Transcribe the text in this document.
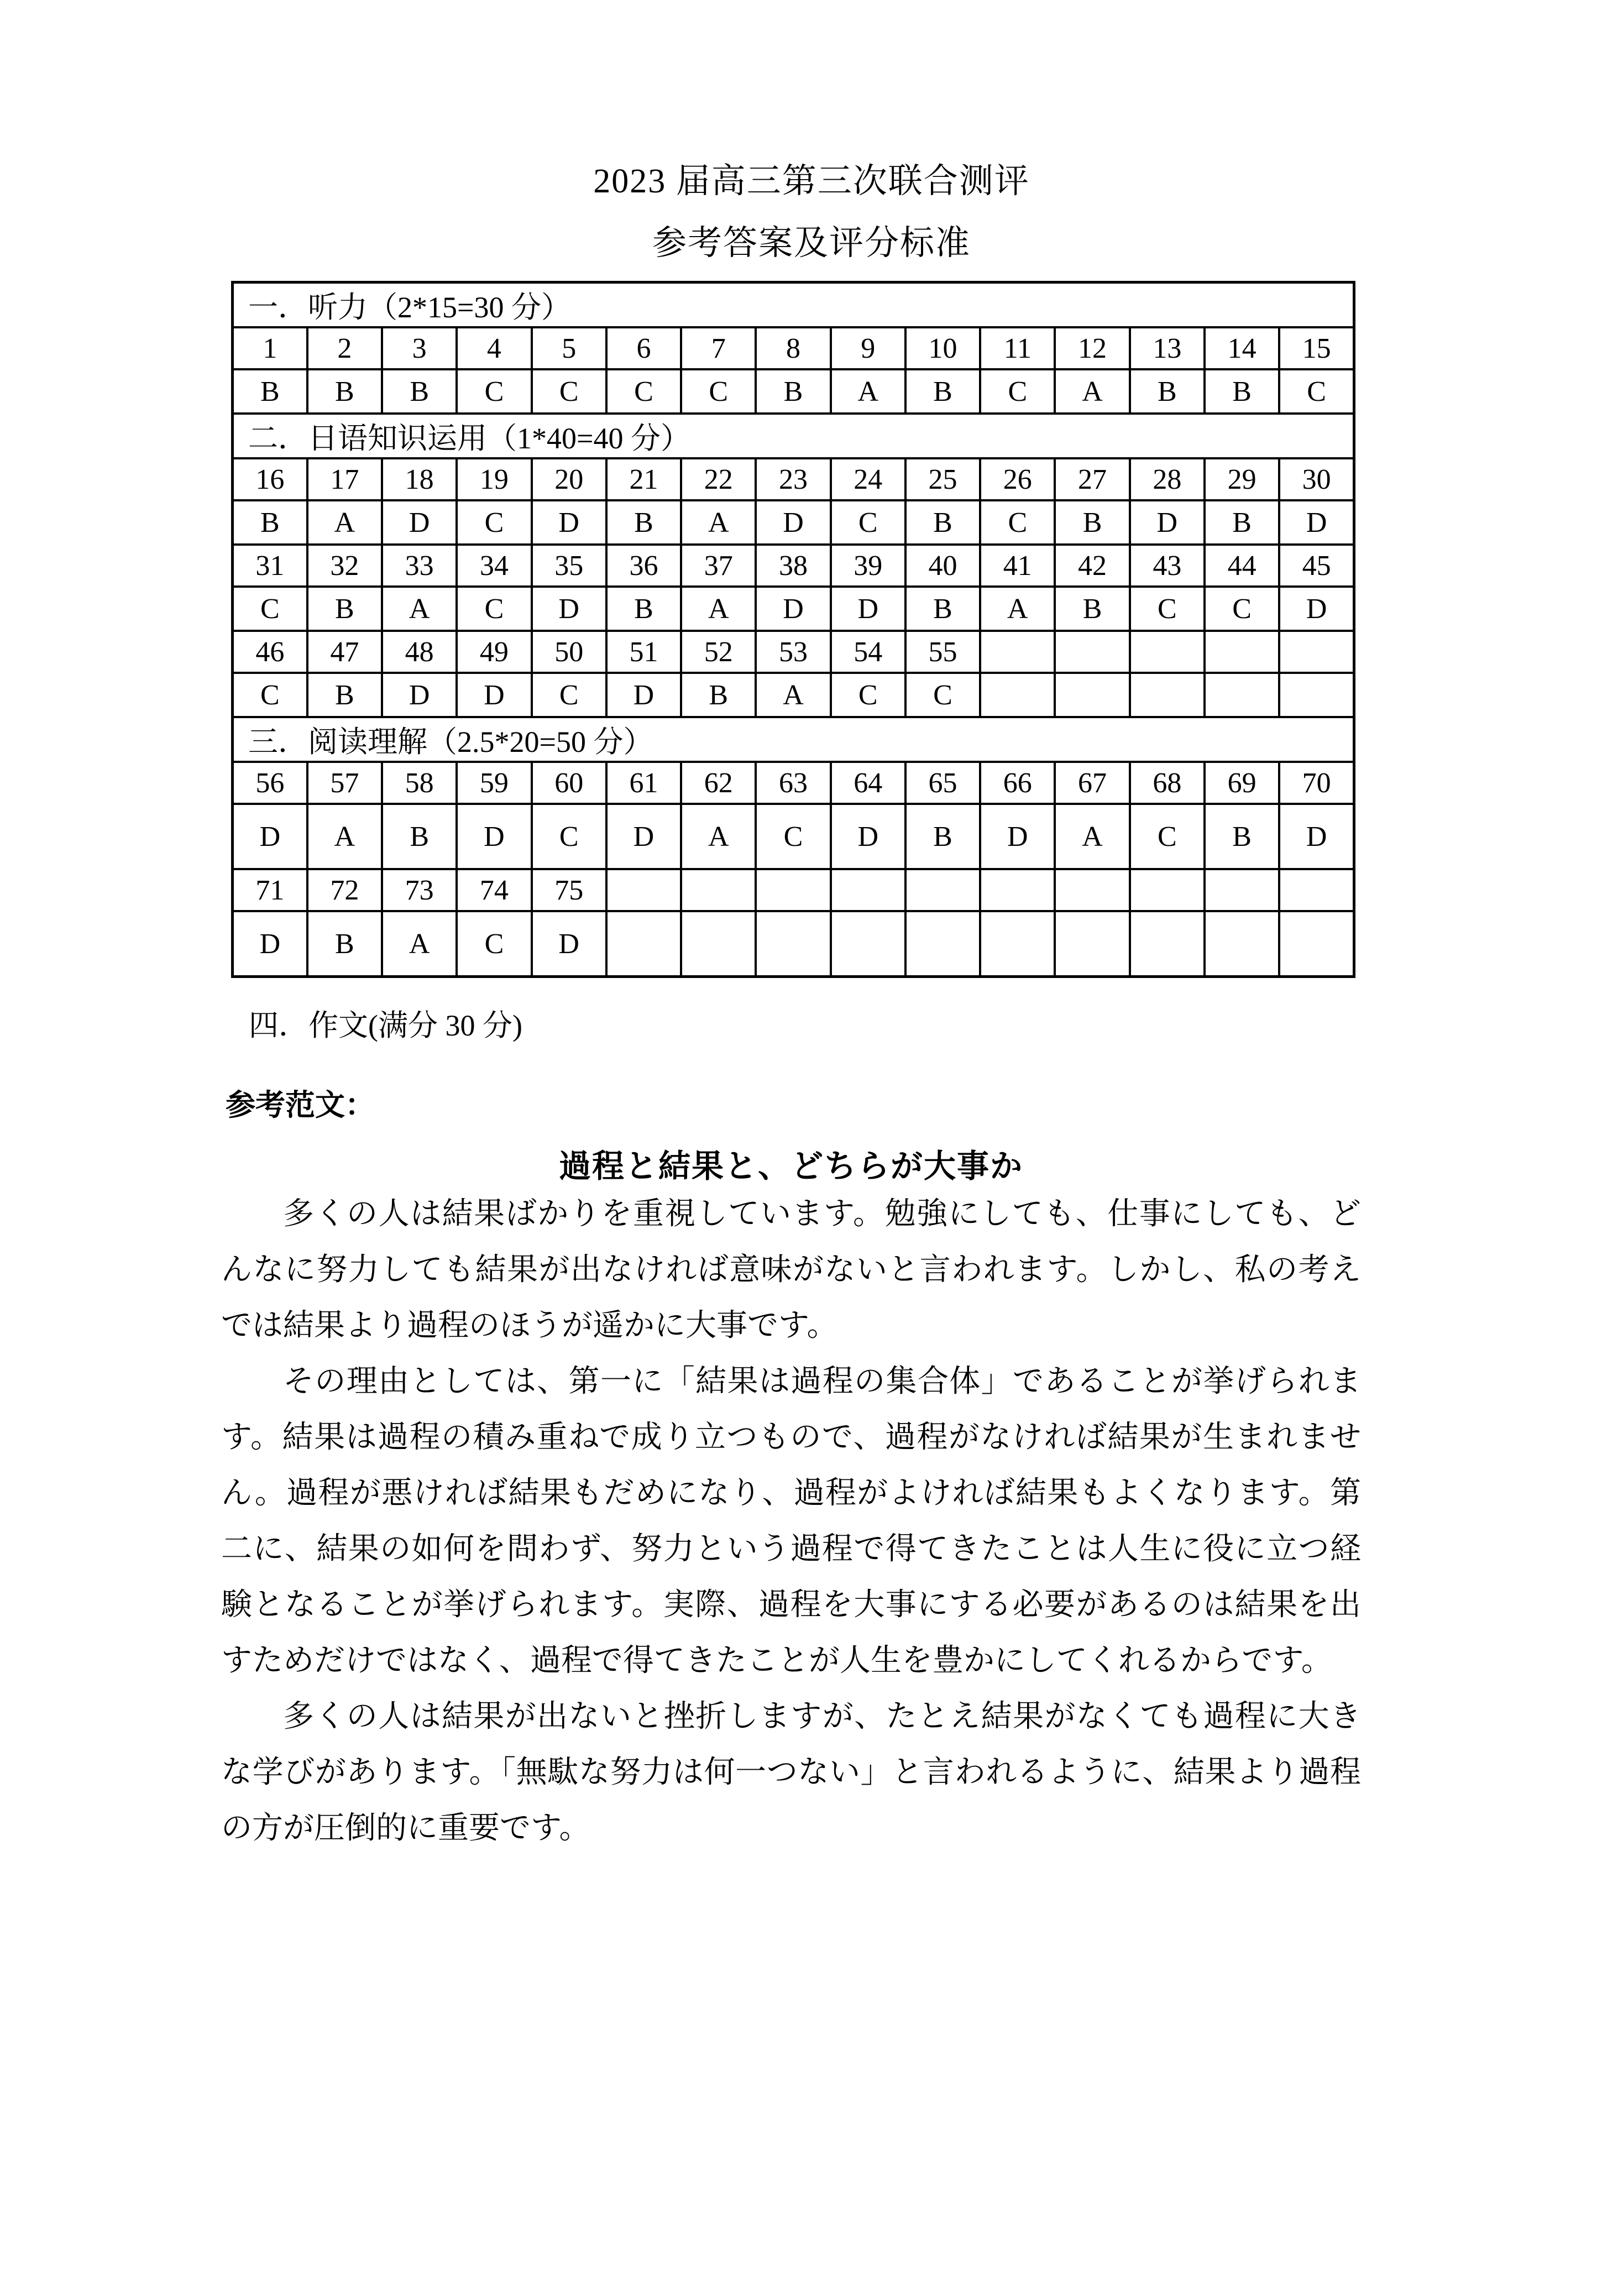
2023 届高三第三次联合测评
参考答案及评分标准
一．听力（2*15=30 分）														
1	2	3	4	5	6	7	8	9	10	11	12	13	14	15
B	B	B	C	C	C	C	B	A	B	C	A	B	B	C
二．日语知识运用（1*40=40 分）														
16	17	18	19	20	21	22	23	24	25	26	27	28	29	30
B	A	D	C	D	B	A	D	C	B	C	B	D	B	D
31	32	33	34	35	36	37	38	39	40	41	42	43	44	45
C	B	A	C	D	B	A	D	D	B	A	B	C	C	D
46	47	48	49	50	51	52	53	54	55					
C	B	D	D	C	D	B	A	C	C					
三．阅读理解（2.5*20=50 分）														
56	57	58	59	60	61	62	63	64	65	66	67	68	69	70
D	A	B	D	C	D	A	C	D	B	D	A	C	B	D
71	72	73	74	75										
D	B	A	C	D										
四．作文(满分 30 分)
参考范文：
過程と結果と、どちらが大事か

多くの人は結果ばかりを重視しています。勉強にしても、仕事にしても、どんなに努力しても結果が出なければ意味がないと言われます。しかし、私の考えでは結果より過程のほうが遥かに大事です。

その理由としては、第一に「結果は過程の集合体」であることが挙げられます。結果は過程の積み重ねで成り立つもので、過程がなければ結果が生まれません。過程が悪ければ結果もだめになり、過程がよければ結果もよくなります。第二に、結果の如何を問わず、努力という過程で得てきたことは人生に役に立つ経験となることが挙げられます。実際、過程を大事にする必要があるのは結果を出すためだけではなく、過程で得てきたことが人生を豊かにしてくれるからです。

多くの人は結果が出ないと挫折しますが、たとえ結果がなくても過程に大きな学びがあります。「無駄な努力は何一つない」と言われるように、結果より過程の方が圧倒的に重要です。
